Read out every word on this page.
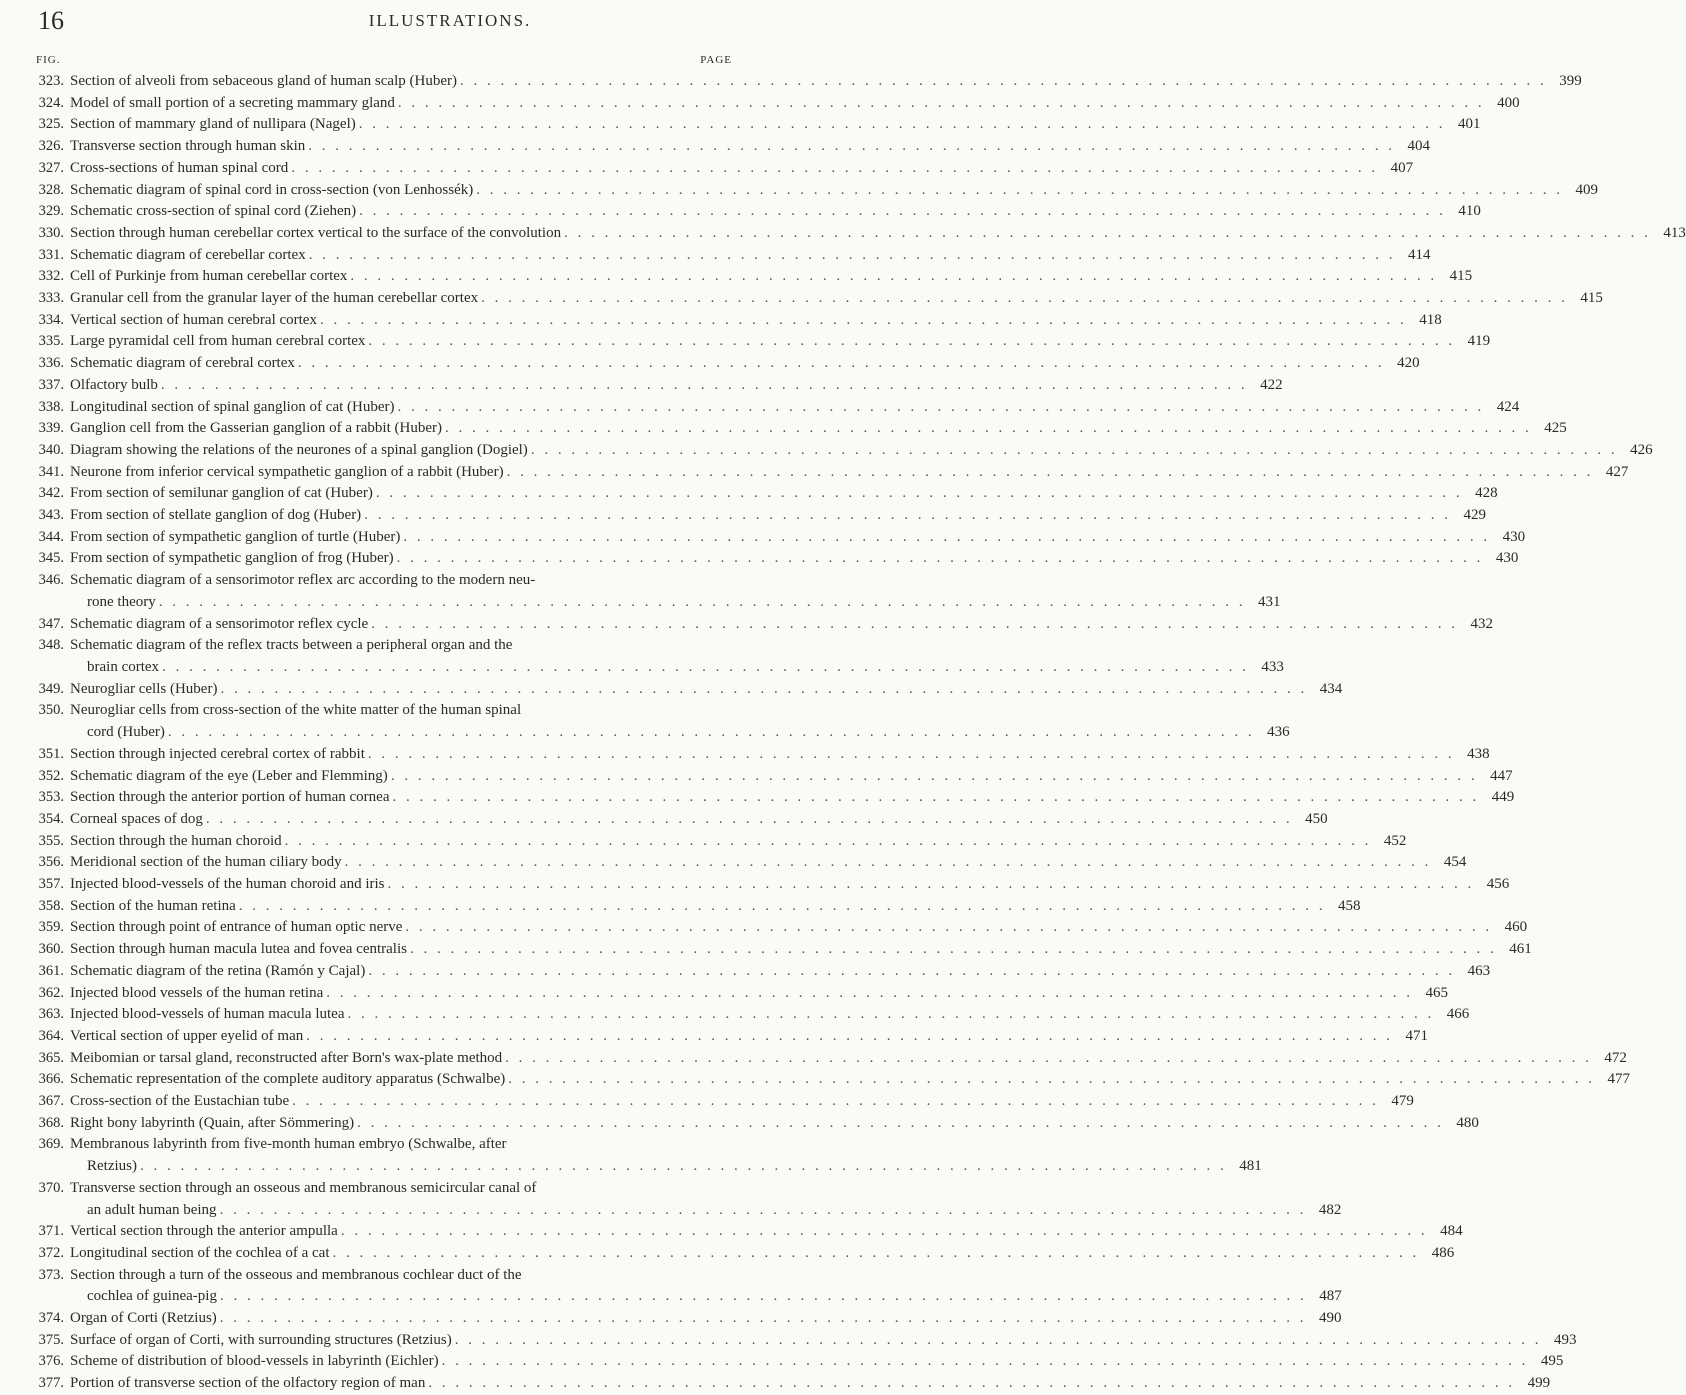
16	ILLUSTRATIONS.
FIG.	PAGE
323. Section of alveoli from sebaceous gland of human scalp (Huber) . . .	399
324. Model of small portion of a secreting mammary gland . . .	400
325. Section of mammary gland of nullipara (Nagel) . . .	401
326. Transverse section through human skin . . .	404
327. Cross-sections of human spinal cord . . .	407
328. Schematic diagram of spinal cord in cross-section (von Lenhossék) . . .	409
329. Schematic cross-section of spinal cord (Ziehen) . . .	410
330. Section through human cerebellar cortex vertical to the surface of the convolution . . .	413
331. Schematic diagram of cerebellar cortex . . .	414
332. Cell of Purkinje from human cerebellar cortex . . .	415
333. Granular cell from the granular layer of the human cerebellar cortex . . .	415
334. Vertical section of human cerebral cortex . . .	418
335. Large pyramidal cell from human cerebral cortex . . .	419
336. Schematic diagram of cerebral cortex . . .	420
337. Olfactory bulb . . .	422
338. Longitudinal section of spinal ganglion of cat (Huber) . . .	424
339. Ganglion cell from the Gasserian ganglion of a rabbit (Huber) . . .	425
340. Diagram showing the relations of the neurones of a spinal ganglion (Dogiel) . . .	426
341. Neurone from inferior cervical sympathetic ganglion of a rabbit (Huber) . . .	427
342. From section of semilunar ganglion of cat (Huber) . . .	428
343. From section of stellate ganglion of dog (Huber) . . .	429
344. From section of sympathetic ganglion of turtle (Huber) . . .	430
345. From section of sympathetic ganglion of frog (Huber) . . .	430
346. Schematic diagram of a sensorimotor reflex arc according to the modern neu-
rone theory . . .	431
347. Schematic diagram of a sensorimotor reflex cycle . . .	432
348. Schematic diagram of the reflex tracts between a peripheral organ and the
brain cortex . . .	433
349. Neurogliar cells (Huber) . . .	434
350. Neurogliar cells from cross-section of the white matter of the human spinal
cord (Huber) . . .	436
351. Section through injected cerebral cortex of rabbit . . .	438
352. Schematic diagram of the eye (Leber and Flemming) . . .	447
353. Section through the anterior portion of human cornea . . .	449
354. Corneal spaces of dog . . .	450
355. Section through the human choroid . . .	452
356. Meridional section of the human ciliary body . . .	454
357. Injected blood-vessels of the human choroid and iris . . .	456
358. Section of the human retina . . .	458
359. Section through point of entrance of human optic nerve . . .	460
360. Section through human macula lutea and fovea centralis . . .	461
361. Schematic diagram of the retina (Ramón y Cajal) . . .	463
362. Injected blood vessels of the human retina . . .	465
363. Injected blood-vessels of human macula lutea . . .	466
364. Vertical section of upper eyelid of man . . .	471
365. Meibomian or tarsal gland, reconstructed after Born's wax-plate method . . .	472
366. Schematic representation of the complete auditory apparatus (Schwalbe) . . .	477
367. Cross-section of the Eustachian tube . . .	479
368. Right bony labyrinth (Quain, after Sömmering) . . .	480
369. Membranous labyrinth from five-month human embryo (Schwalbe, after
Retzius) . . .	481
370. Transverse section through an osseous and membranous semicircular canal of
an adult human being . . .	482
371. Vertical section through the anterior ampulla . . .	484
372. Longitudinal section of the cochlea of a cat . . .	486
373. Section through a turn of the osseous and membranous cochlear duct of the
cochlea of guinea-pig . . .	487
374. Organ of Corti (Retzius) . . .	490
375. Surface of organ of Corti, with surrounding structures (Retzius) . . .	493
376. Scheme of distribution of blood-vessels in labyrinth (Eichler) . . .	495
377. Portion of transverse section of the olfactory region of man . . .	499
